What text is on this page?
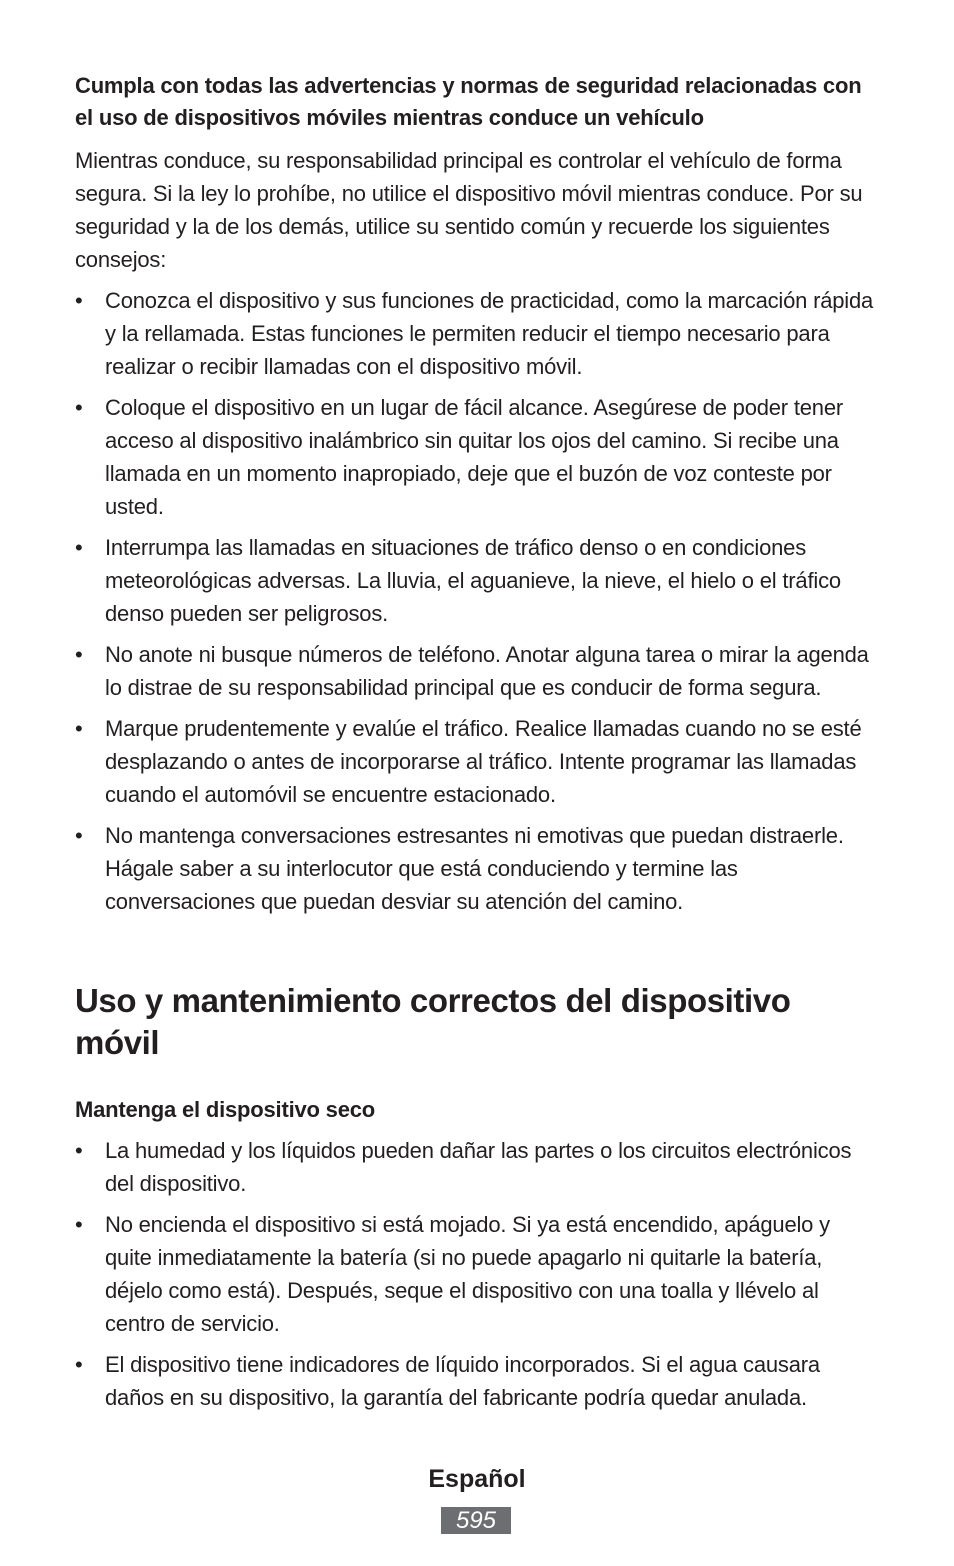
Cumpla con todas las advertencias y normas de seguridad relacionadas con el uso de dispositivos móviles mientras conduce un vehículo
Mientras conduce, su responsabilidad principal es controlar el vehículo de forma segura. Si la ley lo prohíbe, no utilice el dispositivo móvil mientras conduce. Por su seguridad y la de los demás, utilice su sentido común y recuerde los siguientes consejos:
• Conozca el dispositivo y sus funciones de practicidad, como la marcación rápida y la rellamada. Estas funciones le permiten reducir el tiempo necesario para realizar o recibir llamadas con el dispositivo móvil.
• Coloque el dispositivo en un lugar de fácil alcance. Asegúrese de poder tener acceso al dispositivo inalámbrico sin quitar los ojos del camino. Si recibe una llamada en un momento inapropiado, deje que el buzón de voz conteste por usted.
• Interrumpa las llamadas en situaciones de tráfico denso o en condiciones meteorológicas adversas. La lluvia, el aguanieve, la nieve, el hielo o el tráfico denso pueden ser peligrosos.
• No anote ni busque números de teléfono. Anotar alguna tarea o mirar la agenda lo distrae de su responsabilidad principal que es conducir de forma segura.
• Marque prudentemente y evalúe el tráfico. Realice llamadas cuando no se esté desplazando o antes de incorporarse al tráfico. Intente programar las llamadas cuando el automóvil se encuentre estacionado.
• No mantenga conversaciones estresantes ni emotivas que puedan distraerle. Hágale saber a su interlocutor que está conduciendo y termine las conversaciones que puedan desviar su atención del camino.
Uso y mantenimiento correctos del dispositivo móvil
Mantenga el dispositivo seco
• La humedad y los líquidos pueden dañar las partes o los circuitos electrónicos del dispositivo.
• No encienda el dispositivo si está mojado. Si ya está encendido, apáguelo y quite inmediatamente la batería (si no puede apagarlo ni quitarle la batería, déjelo como está). Después, seque el dispositivo con una toalla y llévelo al centro de servicio.
• El dispositivo tiene indicadores de líquido incorporados. Si el agua causara daños en su dispositivo, la garantía del fabricante podría quedar anulada.
Español
595
